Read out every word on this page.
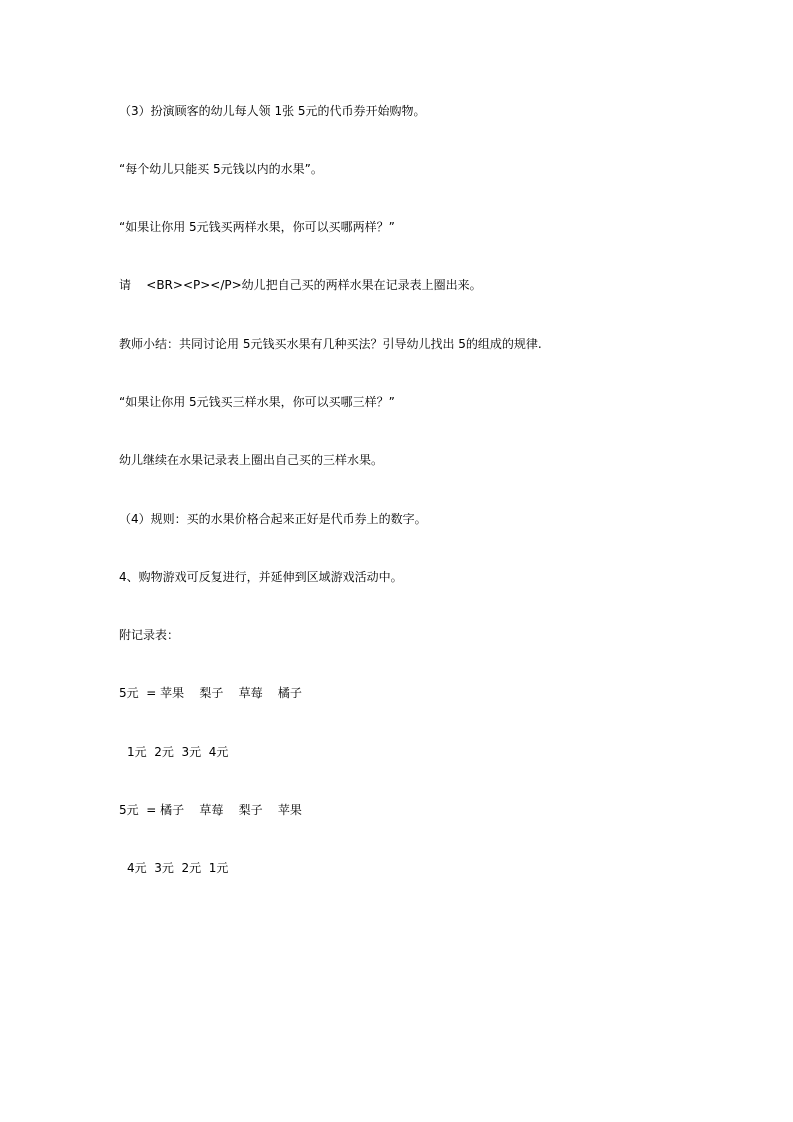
（3）扮演顾客的幼儿每人领 1张 5元的代币券开始购物。
“每个幼儿只能买 5元钱以内的水果”。
“如果让你用 5元钱买两样水果，你可以买哪两样？”
请    <BR><P></P>幼儿把自己买的两样水果在记录表上圈出来。
教师小结：共同讨论用 5元钱买水果有几种买法？引导幼儿找出 5的组成的规律.
“如果让你用 5元钱买三样水果，你可以买哪三样？”
幼儿继续在水果记录表上圈出自己买的三样水果。
（4）规则：买的水果价格合起来正好是代币券上的数字。
4、购物游戏可反复进行，并延伸到区域游戏活动中。
附记录表：
5元  = 苹果    梨子    草莓    橘子
1元  2元  3元  4元
5元  = 橘子    草莓    梨子    苹果
4元  3元  2元  1元
